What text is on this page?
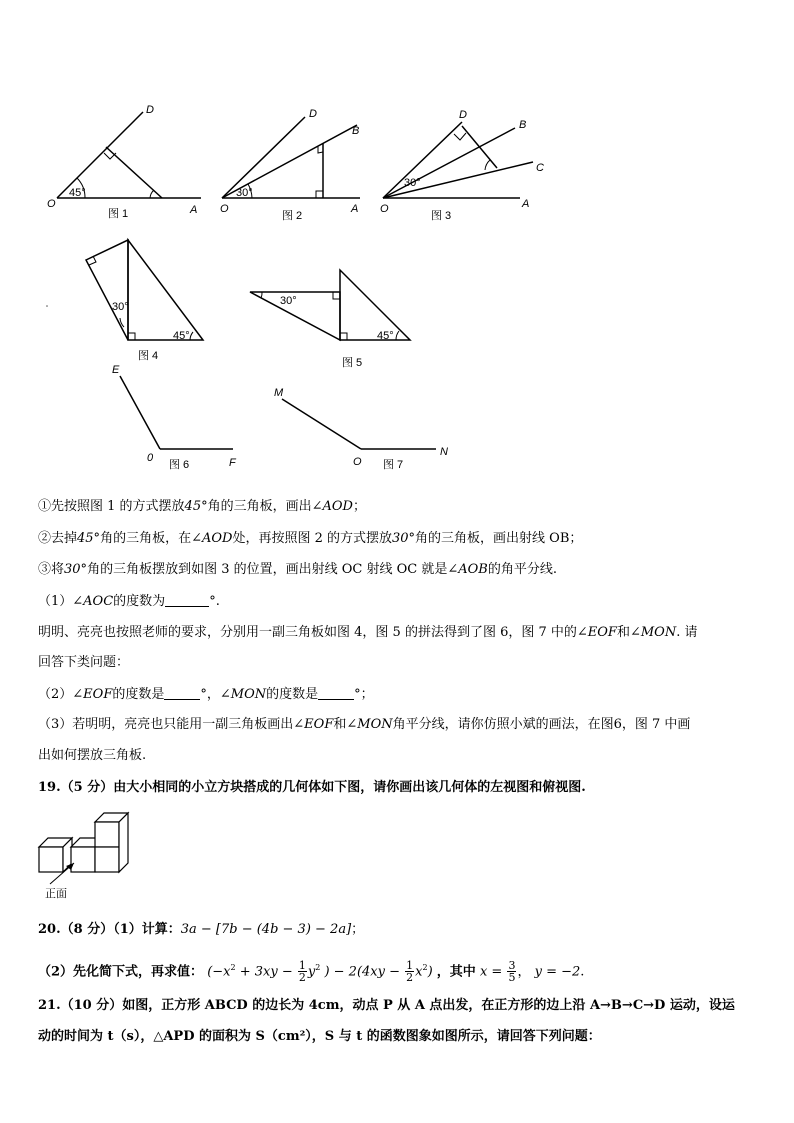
D
O	A
45°
图 1
D
B
O	A
30°
图 2
D
B
C
O	A
30°
图 3
30°
45°
图 4
30°
45°
图 5
E
0	F
图 6
M
O
N
图 7
①先按照图 1 的方式摆放45°角的三角板，画出∠AOD；
②去掉45°角的三角板，在∠AOD处，再按照图 2 的方式摆放30°角的三角板，画出射线 OB；
③将30°角的三角板摆放到如图 3 的位置，画出射线 OC 射线 OC 就是∠AOB的角平分线.
（1）∠AOC的度数为	°.
明明、亮亮也按照老师的要求，分别用一副三角板如图 4，图 5 的拼法得到了图 6，图 7 中的∠EOF和∠MON. 请
回答下类问题：
（2）∠EOF的度数是	°，∠MON的度数是	°；
（3）若明明，亮亮也只能用一副三角板画出∠EOF和∠MON角平分线，请你仿照小斌的画法，在图6，图 7 中画
出如何摆放三角板.
19.（5 分）由大小相同的小立方块搭成的几何体如下图，请你画出该几何体的左视图和俯视图.
正面
20.（8 分）（1）计算：3a − [7b − (4b − 3) − 2a]；
（2）先化简下式，再求值： ($-x^2 + 3xy - \frac{1}{2} y^2$ ) − $2(4xy - \frac{1}{2} x^2)$ ，其中 $x = \frac{3}{5}$ ， y = −2.
21.（10 分）如图，正方形 ABCD 的边长为 4cm，动点 P 从 A 点出发，在正方形的边上沿 A→B→C→D 运动，设运
动的时间为 t（s），△APD 的面积为 S（cm²），S 与 t 的函数图象如图所示，请回答下列问题：
